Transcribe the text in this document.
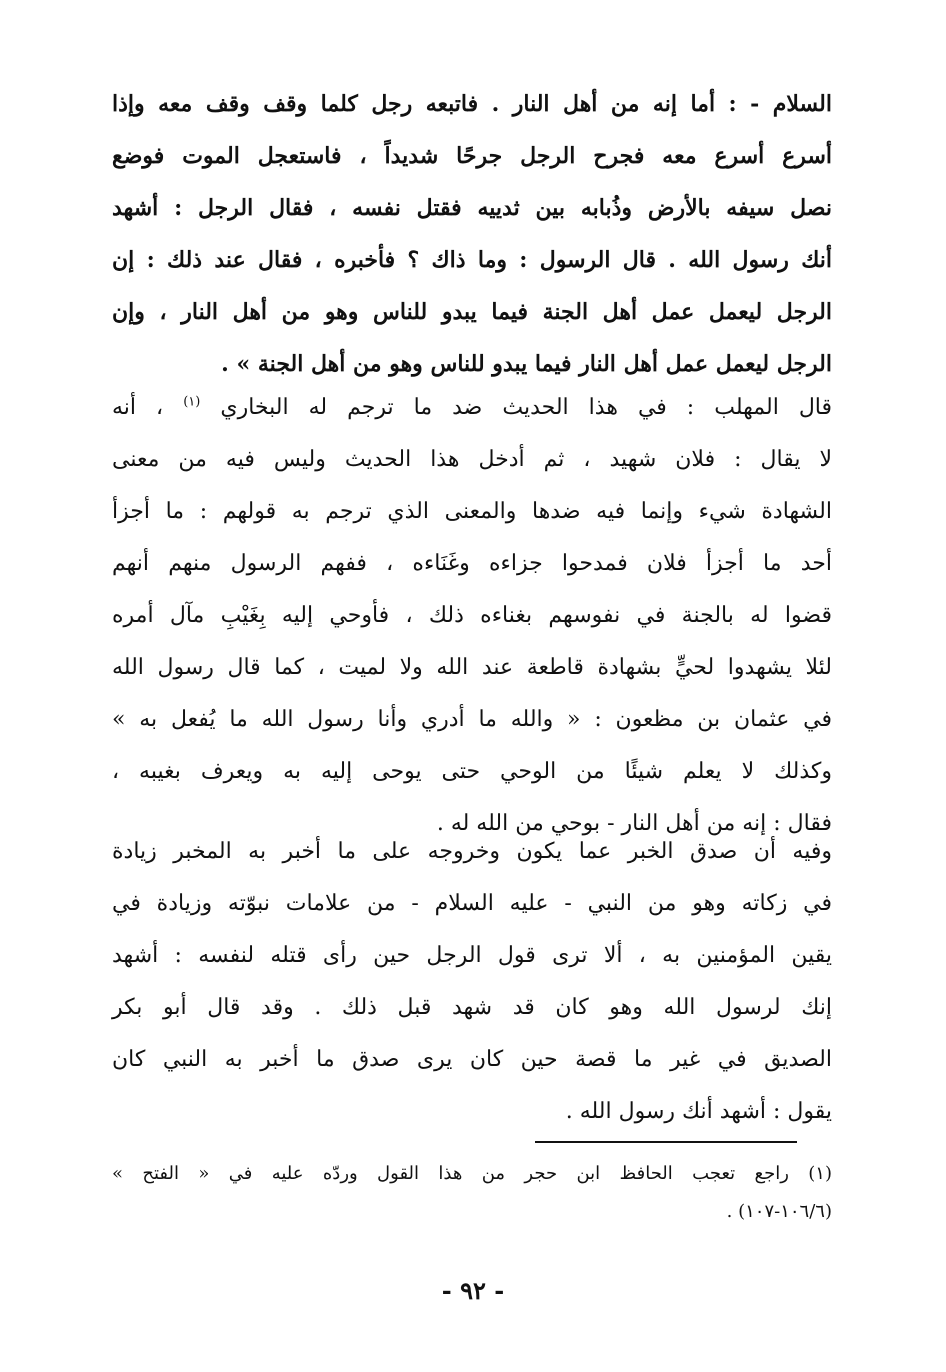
السلام - : أما إنه من أهل النار . فاتبعه رجل كلما وقف وقف معه وإذا
أسرع أسرع معه فجرح الرجل جرحًا شديداً ، فاستعجل الموت فوضع
نصل سيفه بالأرض وذُبابه بين ثدييه فقتل نفسه ، فقال الرجل : أشهد
أنك رسول الله . قال الرسول : وما ذاك ؟ فأخبره ، فقال عند ذلك : إن
الرجل ليعمل عمل أهل الجنة فيما يبدو للناس وهو من أهل النار ، وإن
الرجل ليعمل عمل أهل النار فيما يبدو للناس وهو من أهل الجنة » .
قال المهلب : في هذا الحديث ضد ما ترجم له البخاري $^{(١)}$ ، أنه
لا يقال : فلان شهيد ، ثم أدخل هذا الحديث وليس فيه من معنى
الشهادة شيء وإنما فيه ضدها والمعنى الذي ترجم به قولهم : ما أجزأ
أحد ما أجزأ فلان فمدحوا جزاءه وغَنَاءه ، ففهم الرسول منهم أنهم
قضوا له بالجنة في نفوسهم بغناءه ذلك ، فأوحي إليه بِغَيْبِ مآل أمره
لئلا يشهدوا لحيٍّ بشهادة قاطعة عند الله ولا لميت ، كما قال رسول الله
في عثمان بن مظعون : « والله ما أدري وأنا رسول الله ما يُفعل به »
وكذلك لا يعلم شيئًا من الوحي حتى يوحى إليه به ويعرف بغيبه ،
فقال : إنه من أهل النار - بوحي من الله له .
وفيه أن صدق الخبر عما يكون وخروجه على ما أخبر به المخبر زيادة
في زكاته وهو من النبي - عليه السلام - من علامات نبوّته وزيادة في
يقين المؤمنين به ، ألا ترى قول الرجل حين رأى قتله لنفسه : أشهد
إنك لرسول الله وهو كان قد شهد قبل ذلك . وقد قال أبو بكر
الصديق في غير ما قصة حين كان يرى صدق ما أخبر به النبي كان
يقول : أشهد أنك رسول الله .
(١) راجع تعجب الحافظ ابن حجر من هذا القول وردّه عليه في « الفتح »
(١٠٦/٦-١٠٧) .
- ٩٢ -
